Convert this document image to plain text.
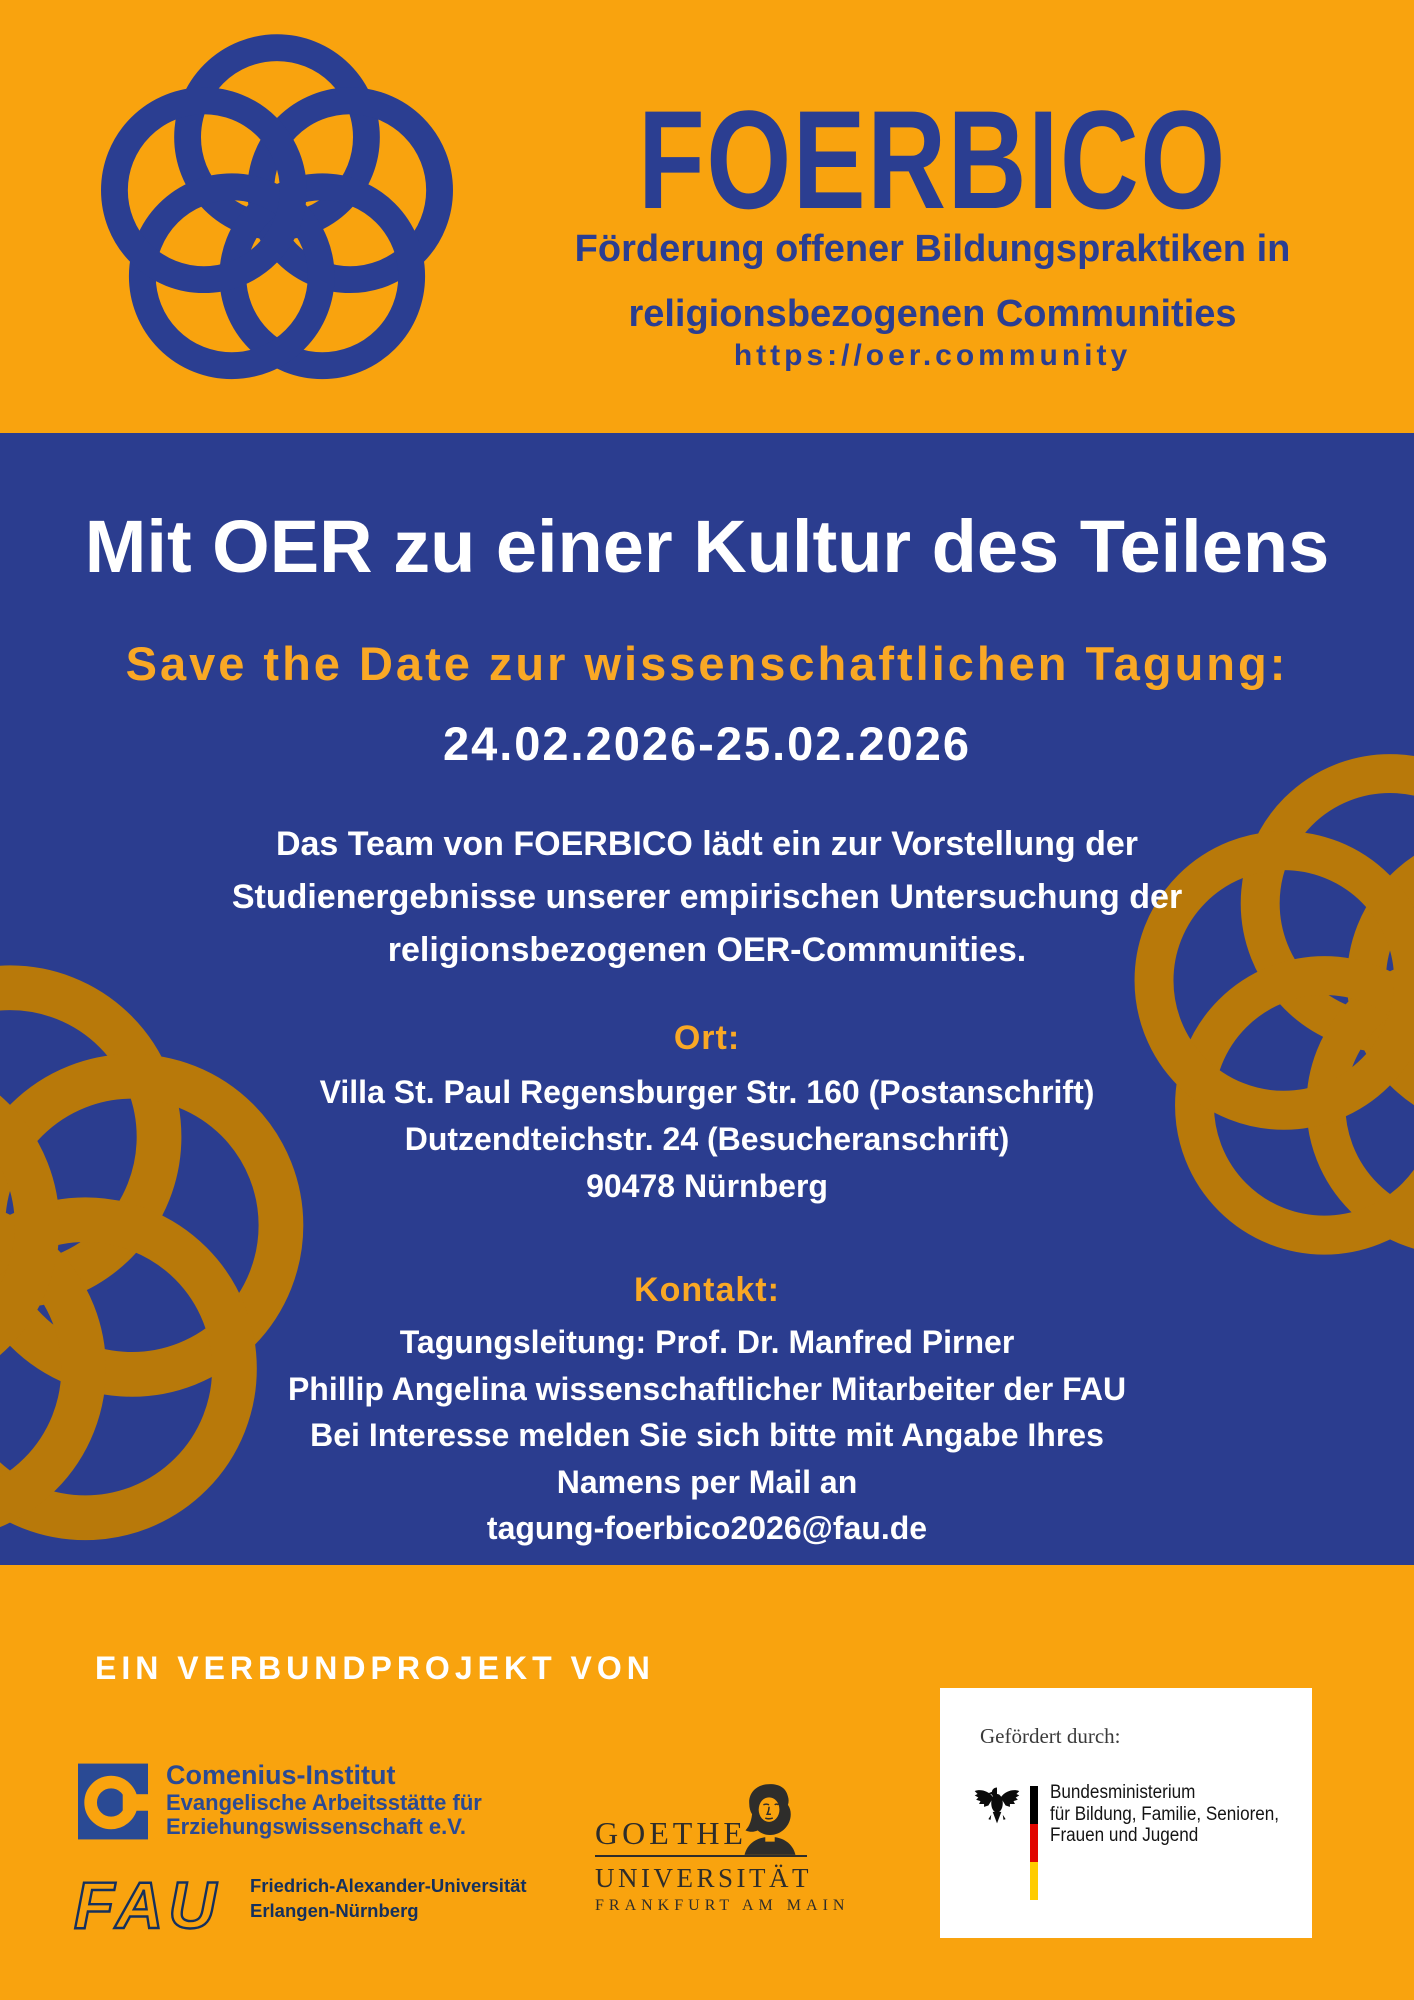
FOERBICO
Förderung offener Bildungspraktiken in
religionsbezogenen Communities
https://oer.community
Mit OER zu einer Kultur des Teilens
Save the Date zur wissenschaftlichen Tagung:
24.02.2026-25.02.2026
Das Team von FOERBICO lädt ein zur Vorstellung der
Studienergebnisse unserer empirischen Untersuchung der
religionsbezogenen OER-Communities.
Ort:
Villa St. Paul Regensburger Str. 160 (Postanschrift)
Dutzendteichstr. 24 (Besucheranschrift)
90478 Nürnberg
Kontakt:
Tagungsleitung: Prof. Dr. Manfred Pirner
Phillip Angelina wissenschaftlicher Mitarbeiter der FAU
Bei Interesse melden Sie sich bitte mit Angabe Ihres
Namens per Mail an
tagung-foerbico2026@fau.de
EIN VERBUNDPROJEKT VON
Comenius-Institut
Evangelische Arbeitsstätte für
Erziehungswissenschaft e.V.
FAU Friedrich-Alexander-Universität
Erlangen-Nürnberg
GOETHE
UNIVERSITÄT
FRANKFURT AM MAIN
Gefördert durch:
Bundesministerium
für Bildung, Familie, Senioren,
Frauen und Jugend
